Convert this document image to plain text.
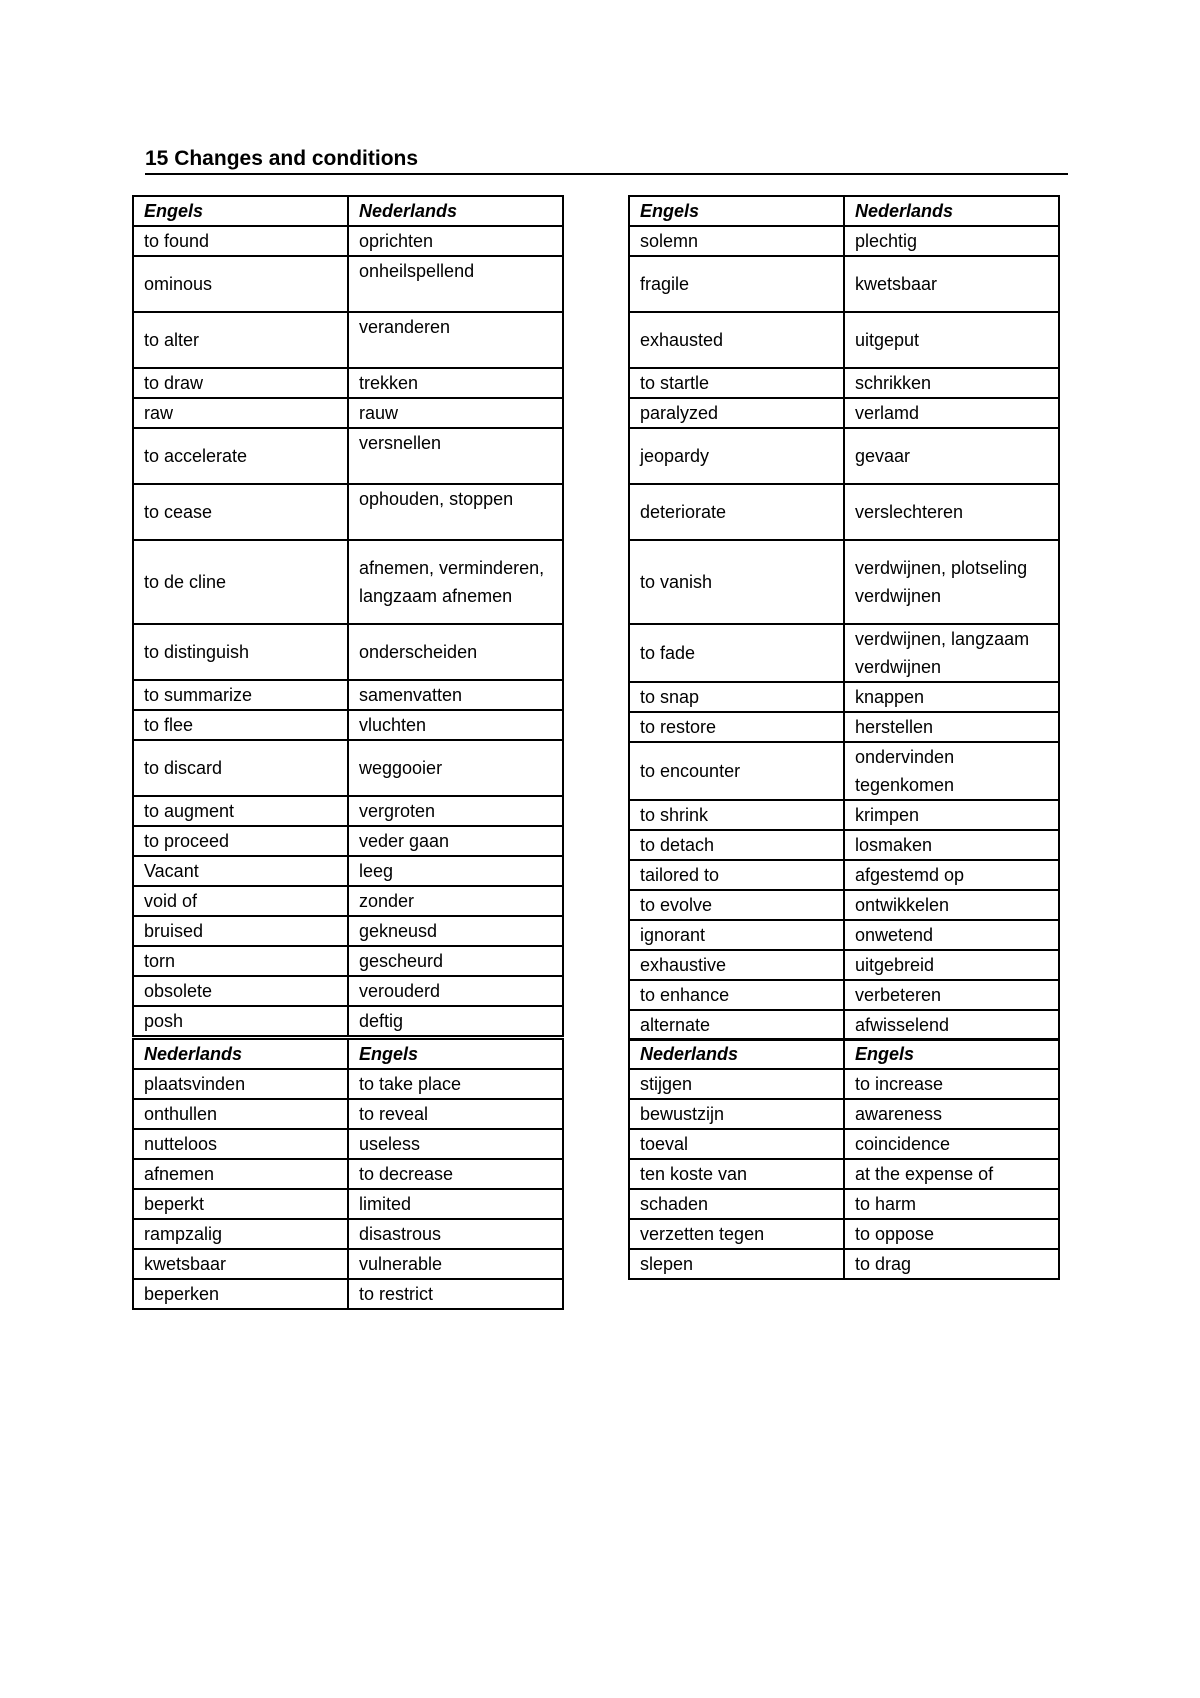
15 Changes and conditions
Engels	Nederlands
to found	oprichten
ominous	onheilspellend
to alter	veranderen
to draw	trekken
raw	rauw
to accelerate	versnellen
to cease	ophouden, stoppen
to de cline	afnemen, verminderen, langzaam afnemen
to distinguish	onderscheiden
to summarize	samenvatten
to flee	vluchten
to discard	weggooier
to augment	vergroten
to proceed	veder gaan
Vacant	leeg
void of	zonder
bruised	gekneusd
torn	gescheurd
obsolete	verouderd
posh	deftig
Engels	Nederlands
solemn	plechtig
fragile	kwetsbaar
exhausted	uitgeput
to startle	schrikken
paralyzed	verlamd
jeopardy	gevaar
deteriorate	verslechteren
to vanish	verdwijnen, plotseling verdwijnen
to fade	verdwijnen, langzaam verdwijnen
to snap	knappen
to restore	herstellen
to encounter	ondervinden tegenkomen
to shrink	krimpen
to detach	losmaken
tailored to	afgestemd op
to evolve	ontwikkelen
ignorant	onwetend
exhaustive	uitgebreid
to enhance	verbeteren
alternate	afwisselend
Nederlands	Engels
plaatsvinden	to take place
onthullen	to reveal
nutteloos	useless
afnemen	to decrease
beperkt	limited
rampzalig	disastrous
kwetsbaar	vulnerable
beperken	to restrict
Nederlands	Engels
stijgen	to increase
bewustzijn	awareness
toeval	coincidence
ten koste van	at the expense of
schaden	to harm
verzetten tegen	to oppose
slepen	to drag
